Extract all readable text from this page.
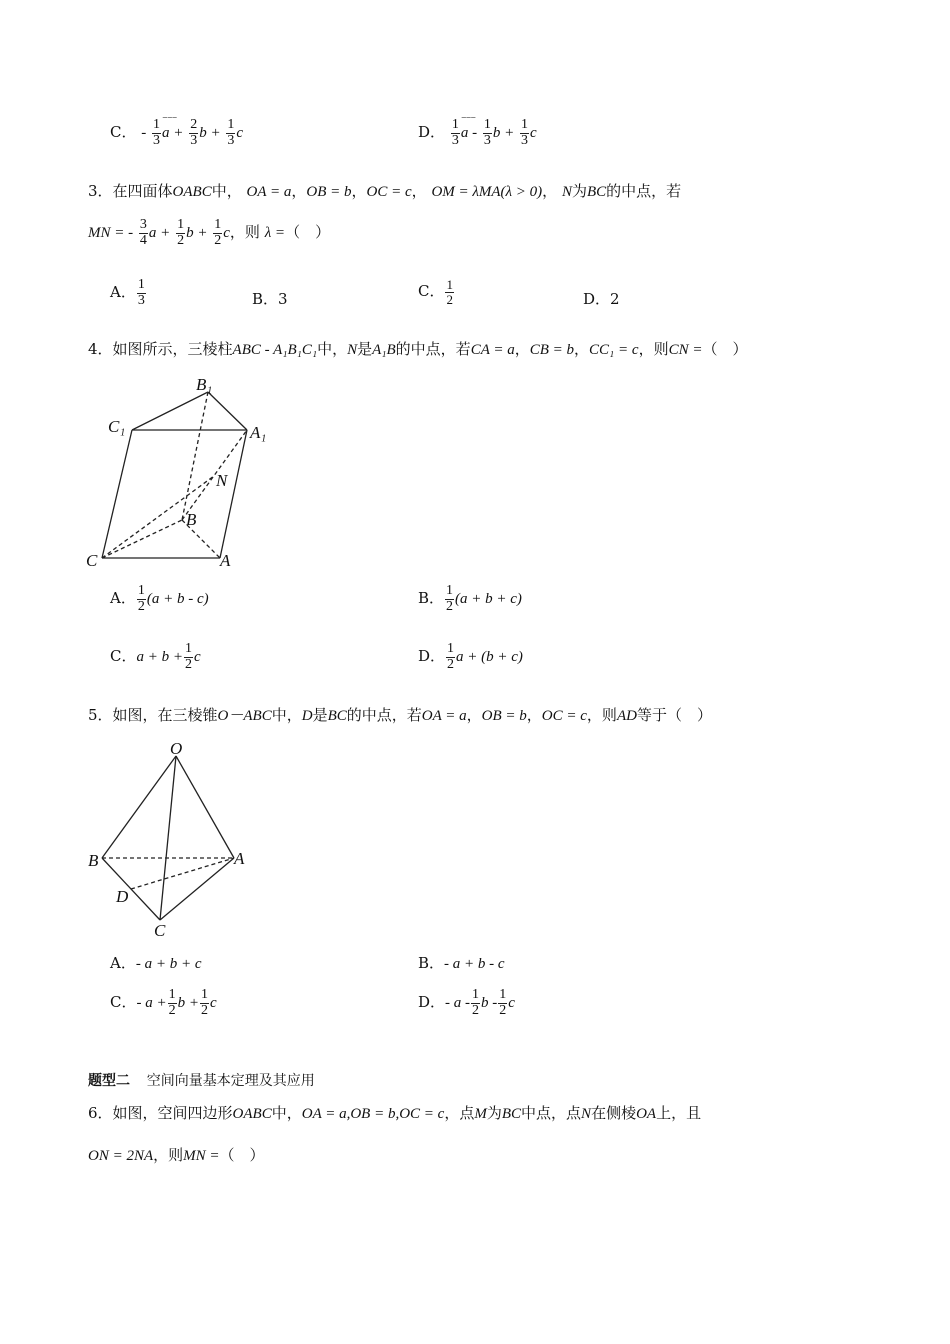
C． - $\frac{1}{3}$ ⁻⁻⁻ $a + \frac{2}{3}$ $b + \frac{1}{3}$ c	D． $\frac{1}{3}$ ⁻⁻⁻ a - $\frac{1}{3}$ $b + \frac{1}{3}$ c
3．在四面体OABC中， OA = a，OB = b，OC = c， OM = λMA(λ > 0)， N为BC的中点，若
MN = - $\frac{3}{4}$ $a + \frac{1}{2}$ $b + \frac{1}{2}$ c，则 λ =（　）
A． $\frac{1}{3}$	B．3	C． $\frac{1}{2}$	D．2
4．如图所示，三棱柱ABC - A₁B₁C₁中，N是A₁B的中点，若CA = a，CB = b，CC₁ = c，则CN =（　）
B₁
C₁	A₁
N
B
C	A
A． $\frac{1}{2} (a + b - c)$	B． $\frac{1}{2} (a + b + c)$
C．$a + b + \frac{1}{2}$ c	D． $\frac{1}{2}$ a + (b + c)
5．如图，在三棱锥O－ABC中，D是BC的中点，若OA = a，OB = b，OC = c，则AD等于（　）
O
B	A
D
C
A．- a + b + c	B．- a + b - c
C．- $a + \frac{1}{2}$ $b + \frac{1}{2}$ c	D．- a - $\frac{1}{2}$ b - $\frac{1}{2}$ c
题型二 空间向量基本定理及其应用
6．如图，空间四边形OABC中，OA = a,OB = b,OC = c，点M为BC中点，点N在侧棱OA上，且
ON = 2NA，则MN =（　）
